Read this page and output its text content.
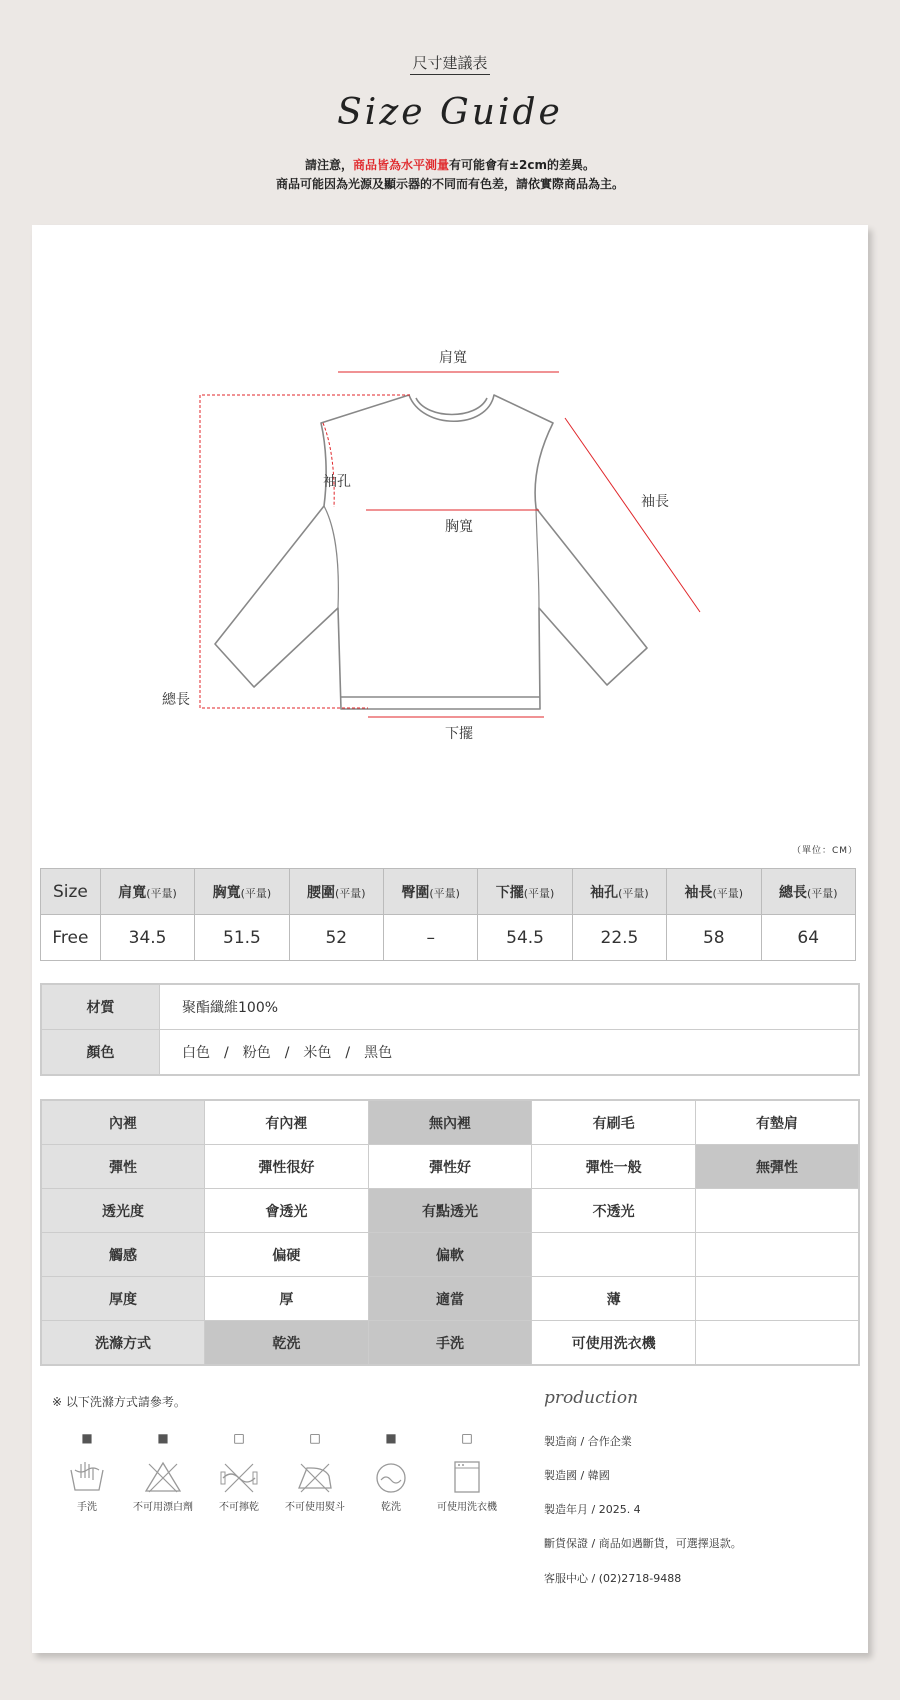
尺寸建議表
Size Guide
請注意，商品皆為水平測量有可能會有±2cm的差異。
商品可能因為光源及顯示器的不同而有色差，請依實際商品為主。
肩寬
袖孔
胸寬
袖長
總長
下擺
（單位：CM）
Size	肩寬(平量)	胸寬(平量)	腰圍(平量)	臀圍(平量)	下擺(平量)	袖孔(平量)	袖長(平量)	總長(平量)
Free	34.5	51.5	52	–	54.5	22.5	58	64
材質	聚酯纖維100%
顏色	白色　/　粉色　/　米色　/　黑色
內裡	有內裡	無內裡	有刷毛	有墊肩
彈性	彈性很好	彈性好	彈性一般	無彈性
透光度	會透光	有點透光	不透光	
觸感	偏硬	偏軟		
厚度	厚	適當	薄	
洗滌方式	乾洗	手洗	可使用洗衣機	
※ 以下洗滌方式請參考。
■
手洗
■
不可用漂白劑
□
不可擰乾
□
不可使用熨斗
■
乾洗
□
可使用洗衣機
production
製造商 / 合作企業
製造國 / 韓國
製造年月 / 2025. 4
斷貨保證 / 商品如遇斷貨，可選擇退款。
客服中心 / (02)2718-9488
